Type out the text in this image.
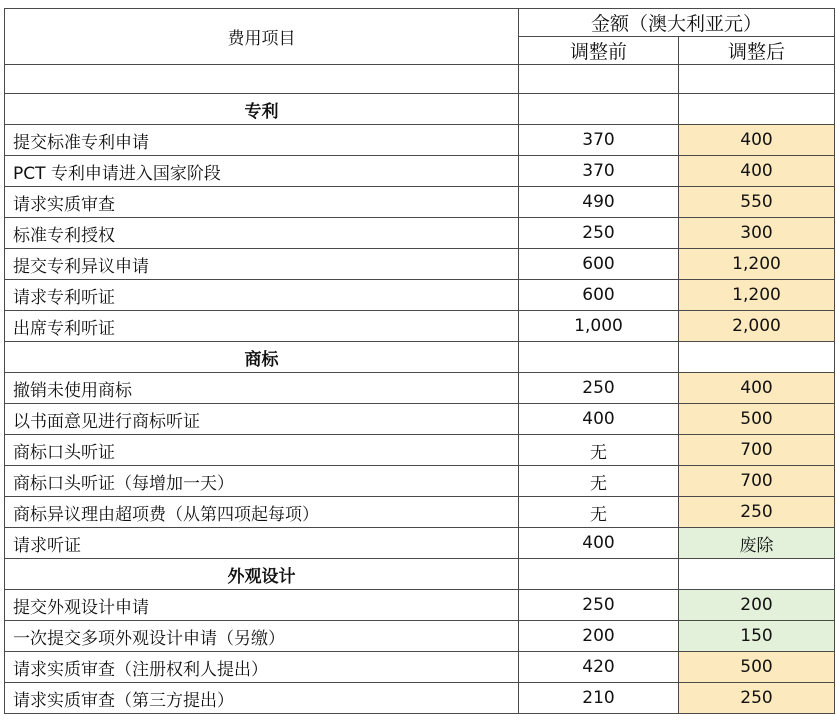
费用项目	金额（澳大利亚元）	
	调整前	调整后

专利		
提交标准专利申请	370	400
PCT 专利申请进入国家阶段	370	400
请求实质审查	490	550
标准专利授权	250	300
提交专利异议申请	600	1,200
请求专利听证	600	1,200
出席专利听证	1,000	2,000
商标		
撤销未使用商标	250	400
以书面意见进行商标听证	400	500
商标口头听证	无	700
商标口头听证（每增加一天）	无	700
商标异议理由超项费（从第四项起每项）	无	250
请求听证	400	废除
外观设计		
提交外观设计申请	250	200
一次提交多项外观设计申请（另缴）	200	150
请求实质审查（注册权利人提出）	420	500
请求实质审查（第三方提出）	210	250
